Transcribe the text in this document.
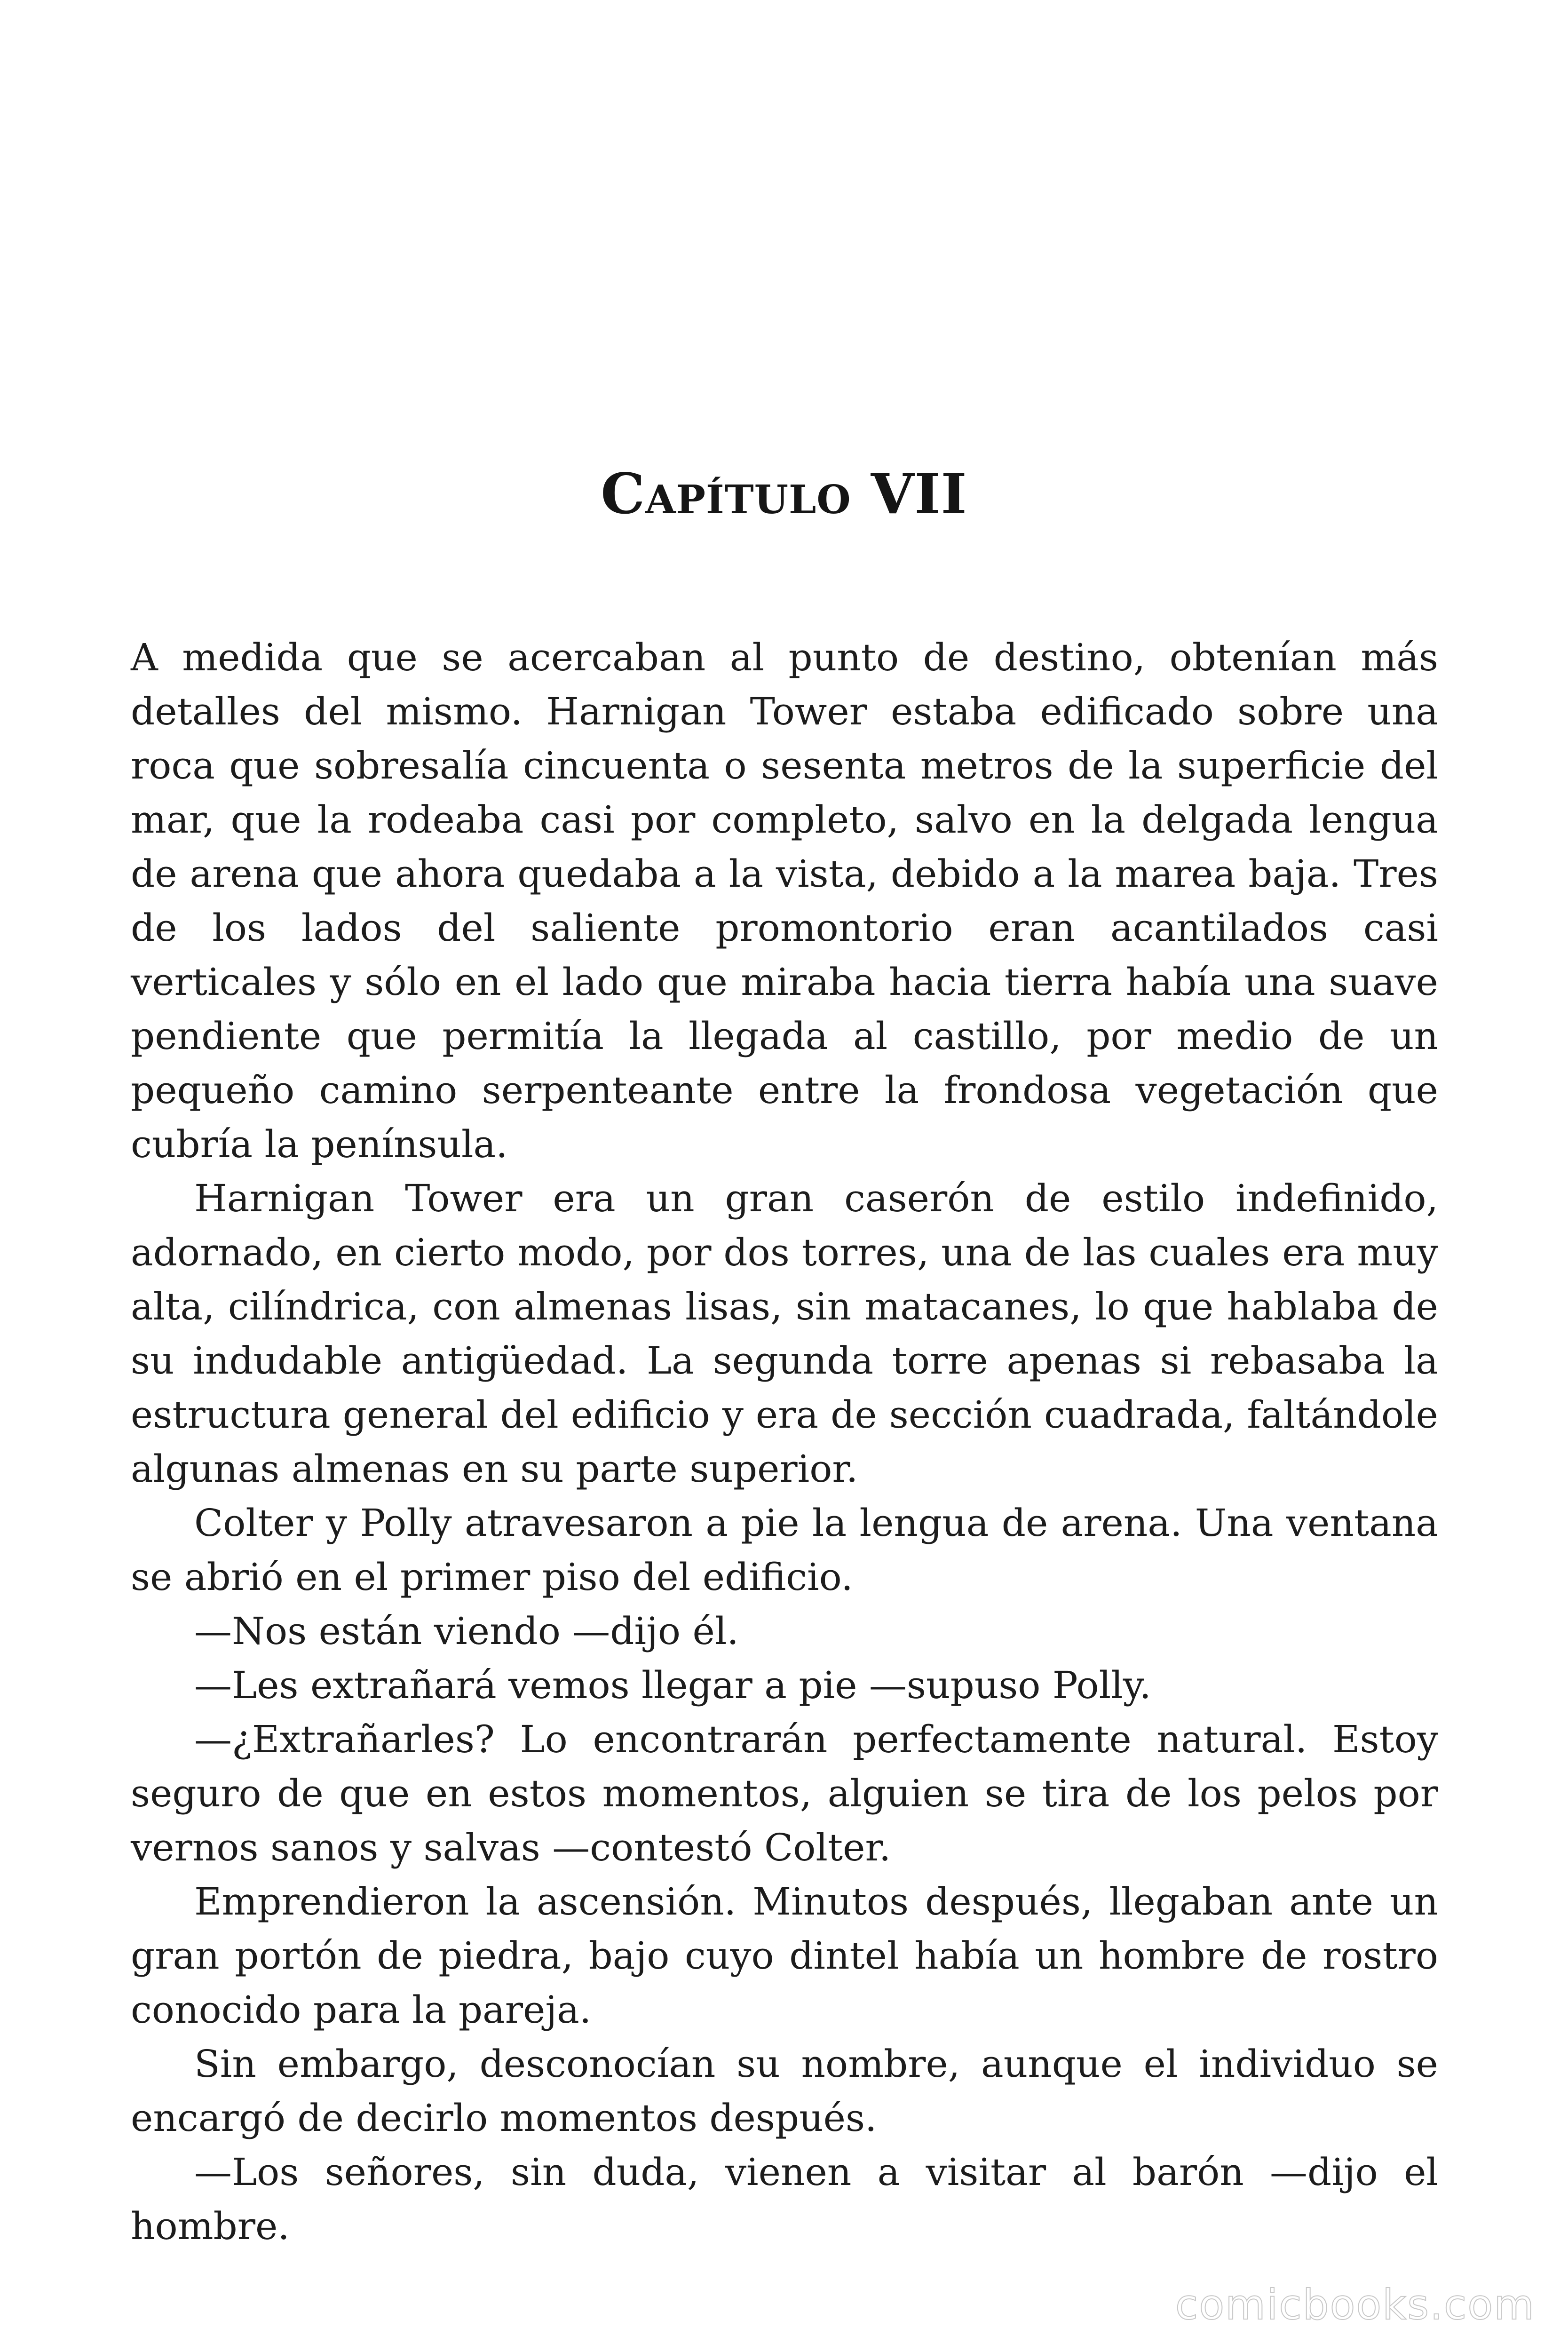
Capítulo VII

A medida que se acercaban al punto de destino, obtenían más detalles del mismo. Harnigan Tower estaba edificado sobre una roca que sobresalía cincuenta o sesenta metros de la superficie del mar, que la rodeaba casi por completo, salvo en la delgada lengua de arena que ahora quedaba a la vista, debido a la marea baja. Tres de los lados del saliente promontorio eran acantilados casi verticales y sólo en el lado que miraba hacia tierra había una suave pendiente que permitía la llegada al castillo, por medio de un pequeño camino serpenteante entre la frondosa vegetación que cubría la península.

Harnigan Tower era un gran caserón de estilo indefinido, adornado, en cierto modo, por dos torres, una de las cuales era muy alta, cilíndrica, con almenas lisas, sin matacanes, lo que hablaba de su indudable antigüedad. La segunda torre apenas si rebasaba la estructura general del edificio y era de sección cuadrada, faltándole algunas almenas en su parte superior.

Colter y Polly atravesaron a pie la lengua de arena. Una ventana se abrió en el primer piso del edificio.

—Nos están viendo —dijo él.

—Les extrañará vemos llegar a pie —supuso Polly.

—¿Extrañarles? Lo encontrarán perfectamente natural. Estoy seguro de que en estos momentos, alguien se tira de los pelos por vernos sanos y salvas —contestó Colter.

Emprendieron la ascensión. Minutos después, llegaban ante un gran portón de piedra, bajo cuyo dintel había un hombre de rostro conocido para la pareja.

Sin embargo, desconocían su nombre, aunque el individuo se encargó de decirlo momentos después.

—Los señores, sin duda, vienen a visitar al barón —dijo el hombre.

comicbooks.com
